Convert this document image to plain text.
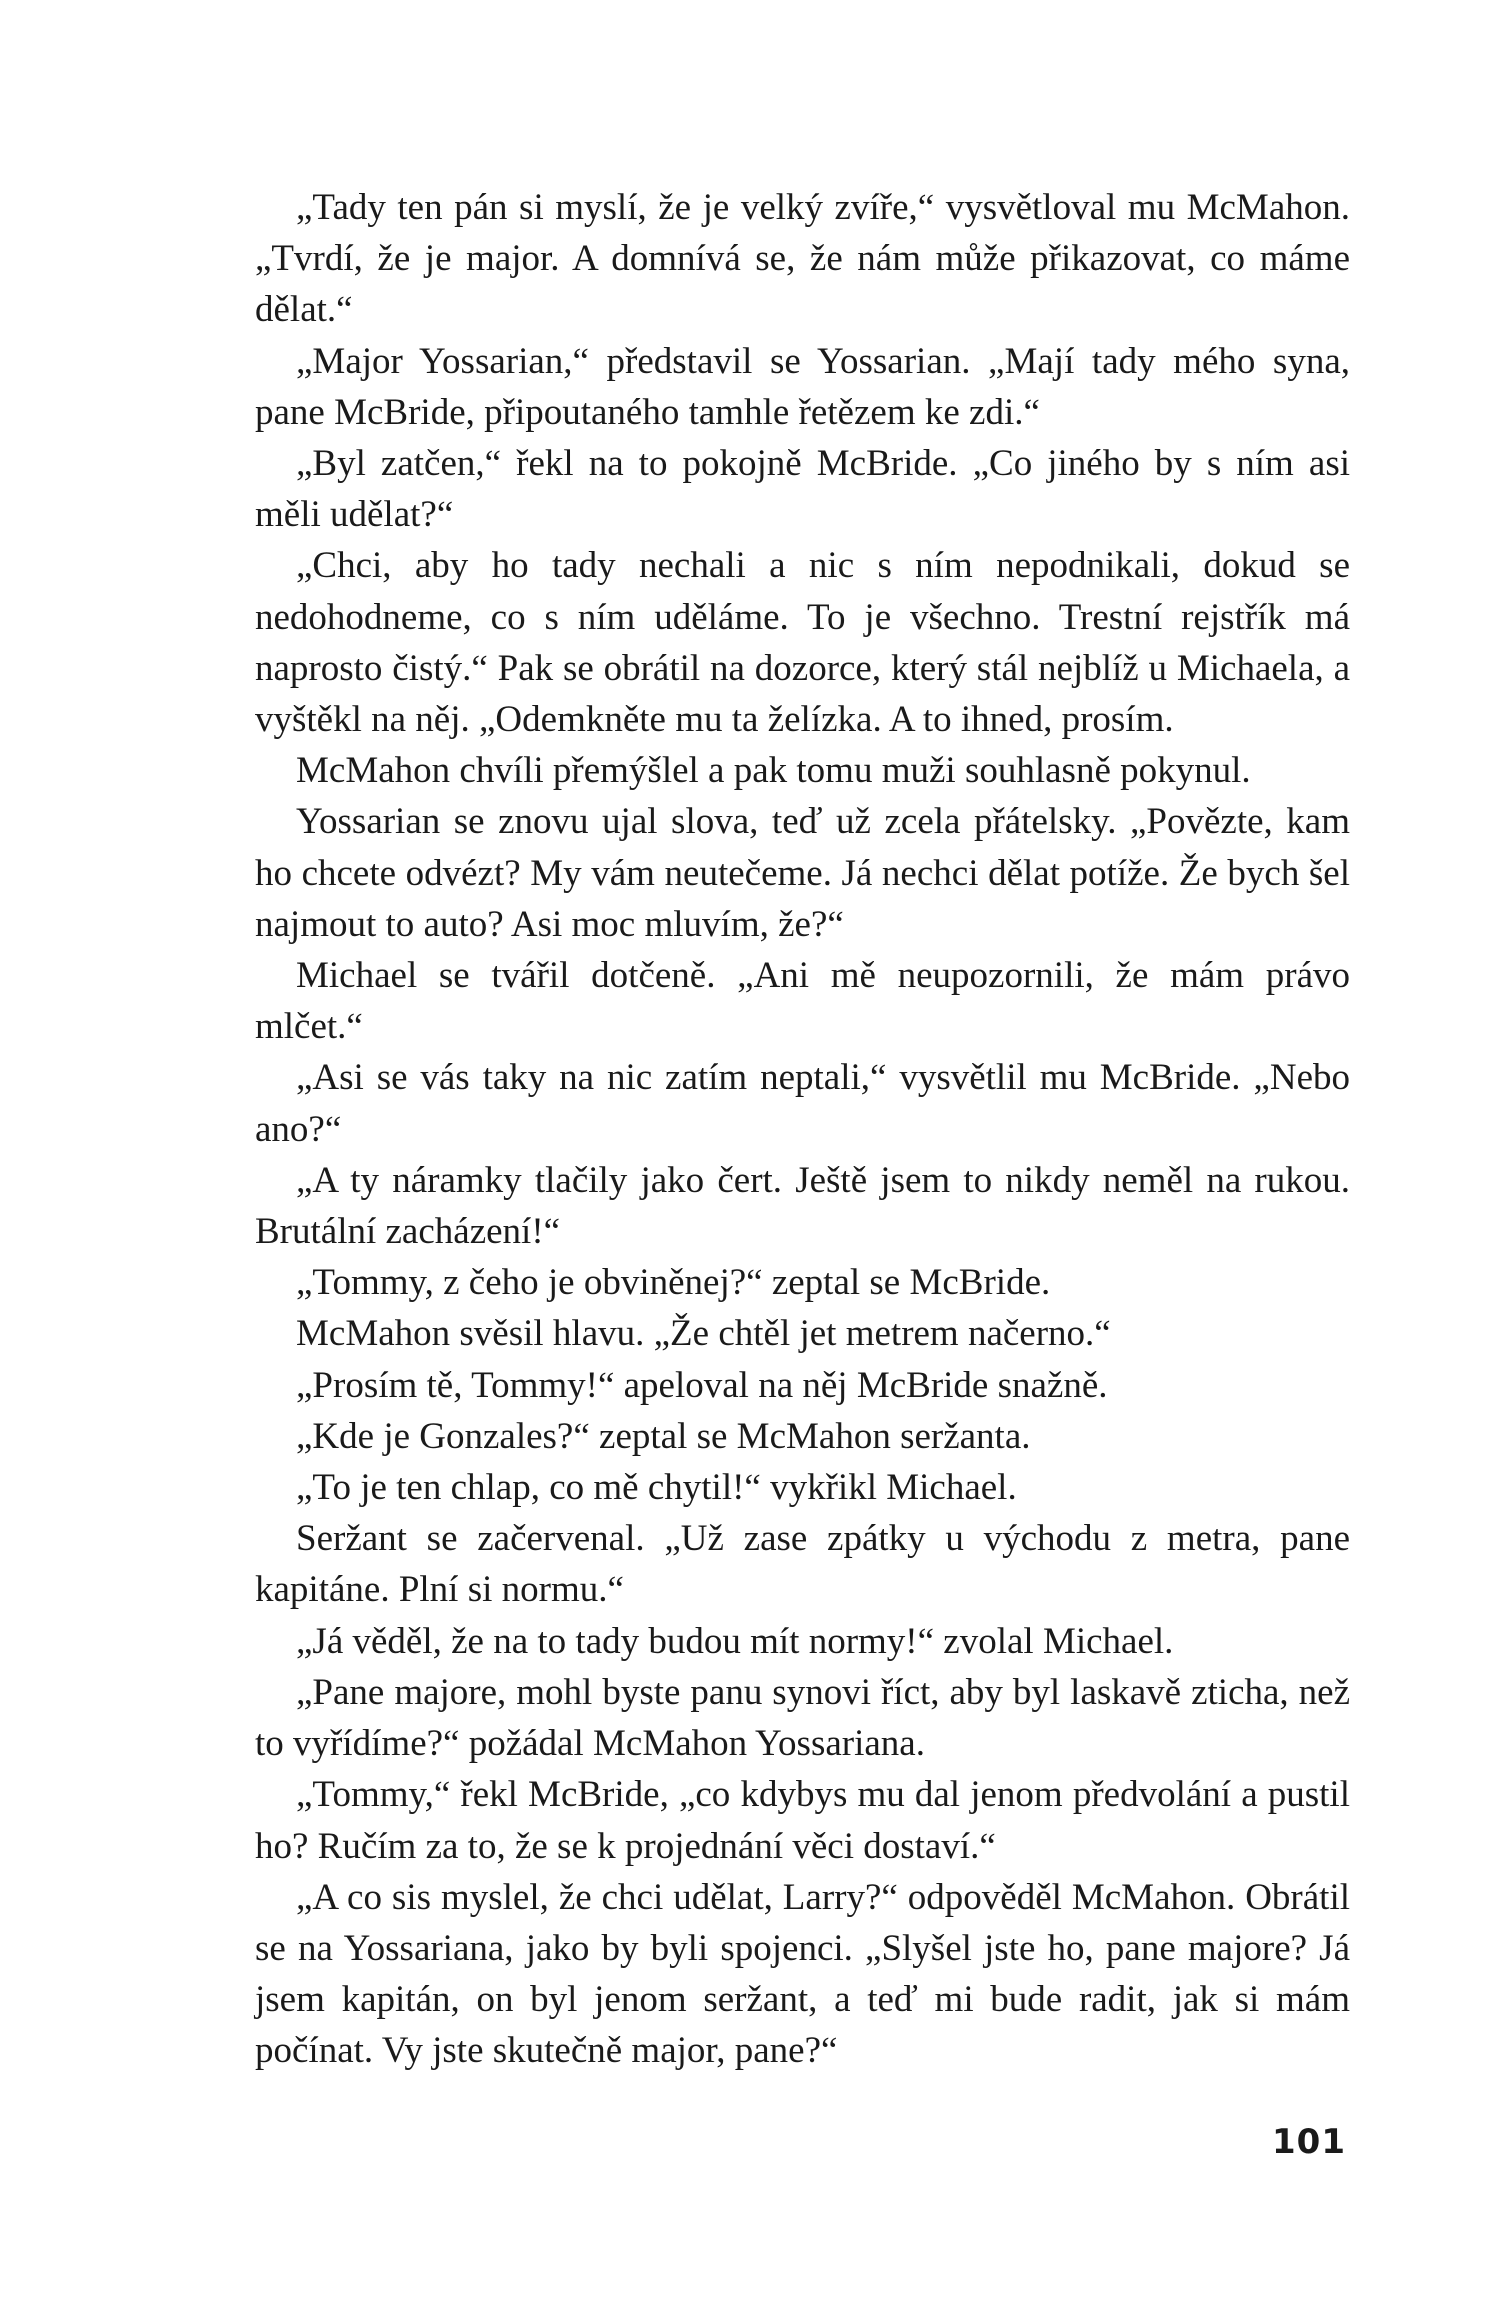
„Tady ten pán si myslí, že je velký zvíře,“ vysvětloval mu McMahon. „Tvrdí, že je major. A domnívá se, že nám může přikazovat, co máme dělat.“

„Major Yossarian,“ představil se Yossarian. „Mají tady mého syna, pane McBride, připoutaného tamhle řetězem ke zdi.“

„Byl zatčen,“ řekl na to pokojně McBride. „Co jiného by s ním asi měli udělat?“

„Chci, aby ho tady nechali a nic s ním nepodnikali, dokud se nedohodneme, co s ním uděláme. To je všechno. Trestní rejstřík má naprosto čistý.“ Pak se obrátil na dozorce, který stál nejblíž u Michaela, a vyštěkl na něj. „Odemkněte mu ta želízka. A to ihned, prosím.

McMahon chvíli přemýšlel a pak tomu muži souhlasně pokynul.

Yossarian se znovu ujal slova, teď už zcela přátelsky. „Povězte, kam ho chcete odvézt? My vám neutečeme. Já nechci dělat potíže. Že bych šel najmout to auto? Asi moc mluvím, že?“

Michael se tvářil dotčeně. „Ani mě neupozornili, že mám právo mlčet.“

„Asi se vás taky na nic zatím neptali,“ vysvětlil mu McBride. „Nebo ano?“

„A ty náramky tlačily jako čert. Ještě jsem to nikdy neměl na rukou. Brutální zacházení!“

„Tommy, z čeho je obviněnej?“ zeptal se McBride.

McMahon svěsil hlavu. „Že chtěl jet metrem načerno.“

„Prosím tě, Tommy!“ apeloval na něj McBride snažně.

„Kde je Gonzales?“ zeptal se McMahon seržanta.

„To je ten chlap, co mě chytil!“ vykřikl Michael.

Seržant se začervenal. „Už zase zpátky u východu z metra, pane kapitáne. Plní si normu.“

„Já věděl, že na to tady budou mít normy!“ zvolal Michael.

„Pane majore, mohl byste panu synovi říct, aby byl laskavě zticha, než to vyřídíme?“ požádal McMahon Yossariana.

„Tommy,“ řekl McBride, „co kdybys mu dal jenom předvolání a pustil ho? Ručím za to, že se k projednání věci dostaví.“

„A co sis myslel, že chci udělat, Larry?“ odpověděl McMahon. Obrátil se na Yossariana, jako by byli spojenci. „Slyšel jste ho, pane majore? Já jsem kapitán, on byl jenom seržant, a teď mi bude radit, jak si mám počínat. Vy jste skutečně major, pane?“

101
